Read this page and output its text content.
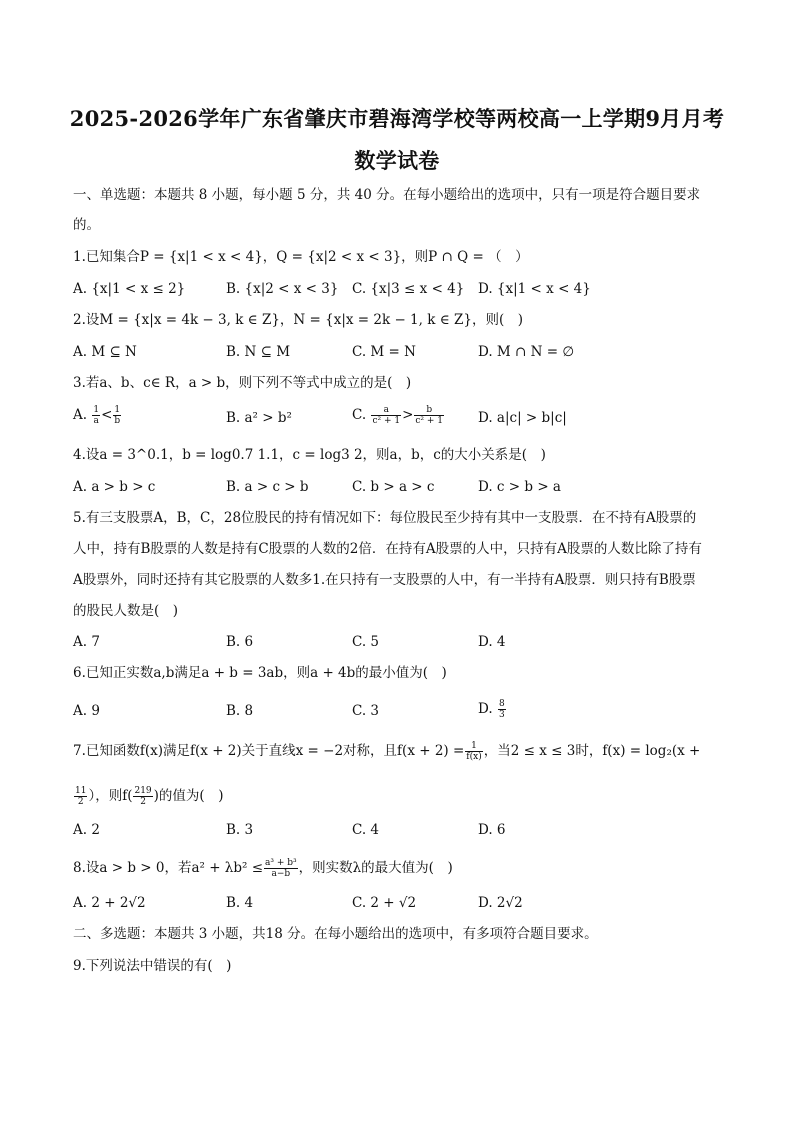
2025-2026学年广东省肇庆市碧海湾学校等两校高一上学期9月月考
数学试卷
一、单选题：本题共 8 小题，每小题 5 分，共 40 分。在每小题给出的选项中，只有一项是符合题目要求
的。
1.已知集合P = {x|1 < x < 4}，Q = {x|2 < x < 3}，则P ∩ Q = （　）
A. {x|1 < x ≤ 2}	B. {x|2 < x < 3} C. {x|3 ≤ x < 4} D. {x|1 < x < 4}
2.设M = {x|x = 4k − 3, k ∈ Z}，N = {x|x = 2k − 1, k ∈ Z}，则(　)
A. M ⊆ N	B. N ⊆ M	C. M = N	D. M ∩ N = ∅
3.若a、b、c∈ R，a > b，则下列不等式中成立的是(　)
A. $\frac{1}{a} < \frac{1}{b}$	B. a² > b²	C. $\frac{a}{\text{c² + 1}} > \frac{b}{\text{c² + 1}}$	D. a|c| > b|c|
4.设a = 3^0.1，b = log0.7 1.1，c = log3 2，则a，b，c的大小关系是(　)
A. a > b > c	B. a > c > b	C. b > a > c	D. c > b > a
5.有三支股票A，B，C，28位股民的持有情况如下：每位股民至少持有其中一支股票．在不持有A股票的
人中，持有B股票的人数是持有C股票的人数的2倍．在持有A股票的人中，只持有A股票的人数比除了持有
A股票外，同时还持有其它股票的人数多1.在只持有一支股票的人中，有一半持有A股票．则只持有B股票
的股民人数是(　)
A. 7	B. 6	C. 5	D. 4
6.已知正实数a,b满足a + b = 3ab，则a + 4b的最小值为(　)
A. 9	B. 8	C. 3	D. $\frac{8}{3}$
7.已知函数f(x)满足f(x + 2)关于直线x = −2对称，且$f(x + 2) = \frac{1}{f(x)}$ ，当2 ≤ x ≤ 3时，f(x) = log₂(x +
$\frac{11}{2}$ ），则$f( \frac{219}{2}$ )的值为(　)
A. 2	B. 3	C. 4	D. 6
8.设a > b > 0，若$a^2 + \lambda b^2 \le \frac{\text{a³ + b³}}{a-b}$ ，则实数λ的最大值为(　)
A. 2 + 2√2	B. 4	C. 2 + √2	D. 2√2
二、多选题：本题共 3 小题，共18 分。在每小题给出的选项中，有多项符合题目要求。
9.下列说法中错误的有(　)
